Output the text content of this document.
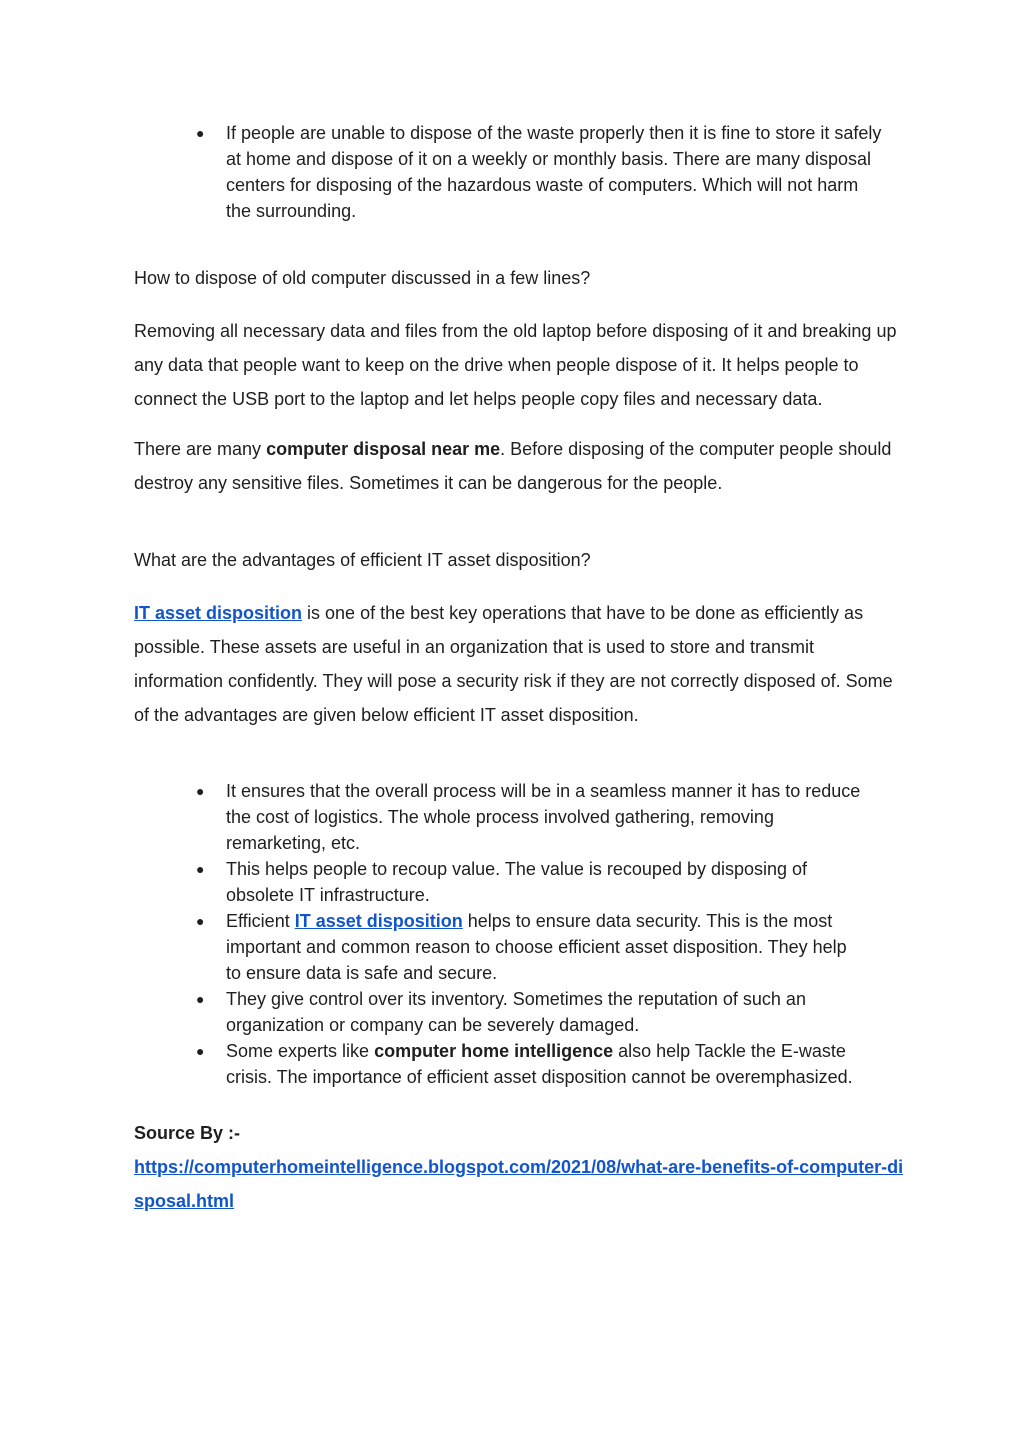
● If people are unable to dispose of the waste properly then it is fine to store it safely at home and dispose of it on a weekly or monthly basis. There are many disposal centers for disposing of the hazardous waste of computers. Which will not harm the surrounding.

How to dispose of old computer discussed in a few lines?

Removing all necessary data and files from the old laptop before disposing of it and breaking up any data that people want to keep on the drive when people dispose of it. It helps people to connect the USB port to the laptop and let helps people copy files and necessary data.

There are many computer disposal near me. Before disposing of the computer people should destroy any sensitive files. Sometimes it can be dangerous for the people.

What are the advantages of efficient IT asset disposition?

IT asset disposition is one of the best key operations that have to be done as efficiently as possible. These assets are useful in an organization that is used to store and transmit information confidently. They will pose a security risk if they are not correctly disposed of. Some of the advantages are given below efficient IT asset disposition.

● It ensures that the overall process will be in a seamless manner it has to reduce the cost of logistics. The whole process involved gathering, removing remarketing, etc.
● This helps people to recoup value. The value is recouped by disposing of obsolete IT infrastructure.
● Efficient IT asset disposition helps to ensure data security. This is the most important and common reason to choose efficient asset disposition. They help to ensure data is safe and secure.
● They give control over its inventory. Sometimes the reputation of such an organization or company can be severely damaged.
● Some experts like computer home intelligence also help Tackle the E-waste crisis. The importance of efficient asset disposition cannot be overemphasized.

Source By :-

https://computerhomeintelligence.blogspot.com/2021/08/what-are-benefits-of-computer-disposal.html
